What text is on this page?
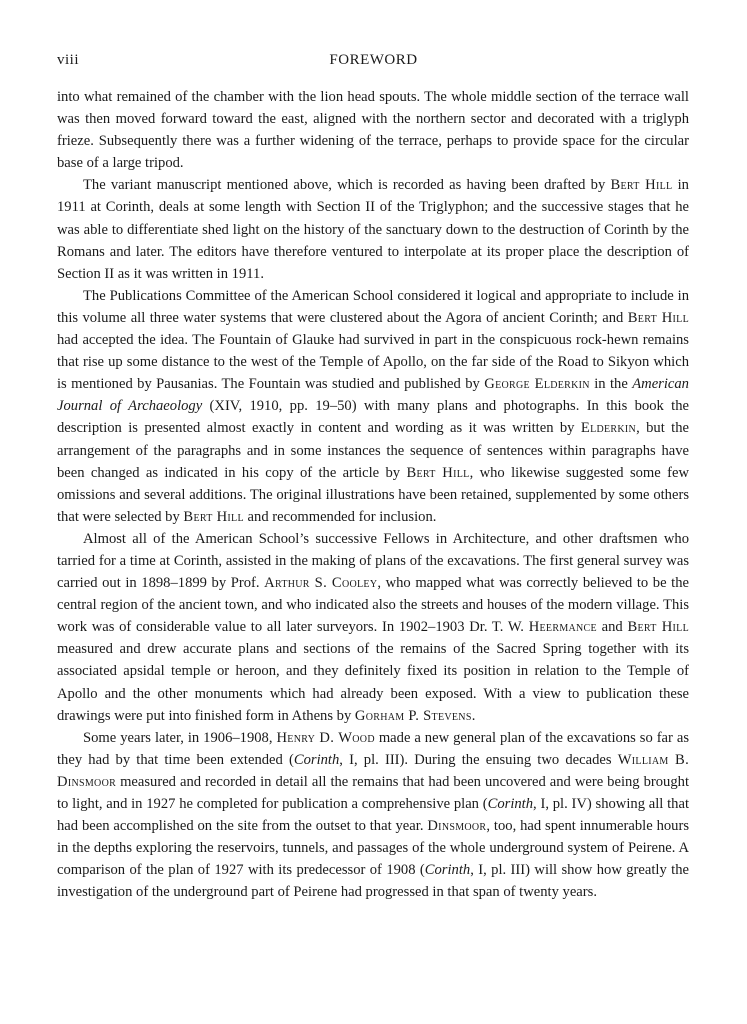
viii	FOREWORD

into what remained of the chamber with the lion head spouts. The whole middle section of the terrace wall was then moved forward toward the east, aligned with the northern sector and decorated with a triglyph frieze. Subsequently there was a further widening of the terrace, perhaps to provide space for the circular base of a large tripod.

The variant manuscript mentioned above, which is recorded as having been drafted by Bert Hill in 1911 at Corinth, deals at some length with Section II of the Triglyphon; and the successive stages that he was able to differentiate shed light on the history of the sanctuary down to the destruction of Corinth by the Romans and later. The editors have therefore ventured to interpolate at its proper place the description of Section II as it was written in 1911.

The Publications Committee of the American School considered it logical and appropriate to include in this volume all three water systems that were clustered about the Agora of ancient Corinth; and Bert Hill had accepted the idea. The Fountain of Glauke had survived in part in the conspicuous rock-hewn remains that rise up some distance to the west of the Temple of Apollo, on the far side of the Road to Sikyon which is mentioned by Pausanias. The Fountain was studied and published by George Elderkin in the American Journal of Archaeology (XIV, 1910, pp. 19–50) with many plans and photographs. In this book the description is presented almost exactly in content and wording as it was written by Elderkin, but the arrangement of the paragraphs and in some instances the sequence of sentences within paragraphs have been changed as indicated in his copy of the article by Bert Hill, who likewise suggested some few omissions and several additions. The original illustrations have been retained, supplemented by some others that were selected by Bert Hill and recommended for inclusion.

Almost all of the American School’s successive Fellows in Architecture, and other draftsmen who tarried for a time at Corinth, assisted in the making of plans of the excavations. The first general survey was carried out in 1898–1899 by Prof. Arthur S. Cooley, who mapped what was correctly believed to be the central region of the ancient town, and who indicated also the streets and houses of the modern village. This work was of considerable value to all later surveyors. In 1902–1903 Dr. T. W. Heermance and Bert Hill measured and drew accurate plans and sections of the remains of the Sacred Spring together with its associated apsidal temple or heroon, and they definitely fixed its position in relation to the Temple of Apollo and the other monuments which had already been exposed. With a view to publication these drawings were put into finished form in Athens by Gorham P. Stevens.

Some years later, in 1906–1908, Henry D. Wood made a new general plan of the excavations so far as they had by that time been extended (Corinth, I, pl. III). During the ensuing two decades William B. Dinsmoor measured and recorded in detail all the remains that had been uncovered and were being brought to light, and in 1927 he completed for publication a comprehensive plan (Corinth, I, pl. IV) showing all that had been accomplished on the site from the outset to that year. Dinsmoor, too, had spent innumerable hours in the depths exploring the reservoirs, tunnels, and passages of the whole underground system of Peirene. A comparison of the plan of 1927 with its predecessor of 1908 (Corinth, I, pl. III) will show how greatly the investigation of the underground part of Peirene had progressed in that span of twenty years.
